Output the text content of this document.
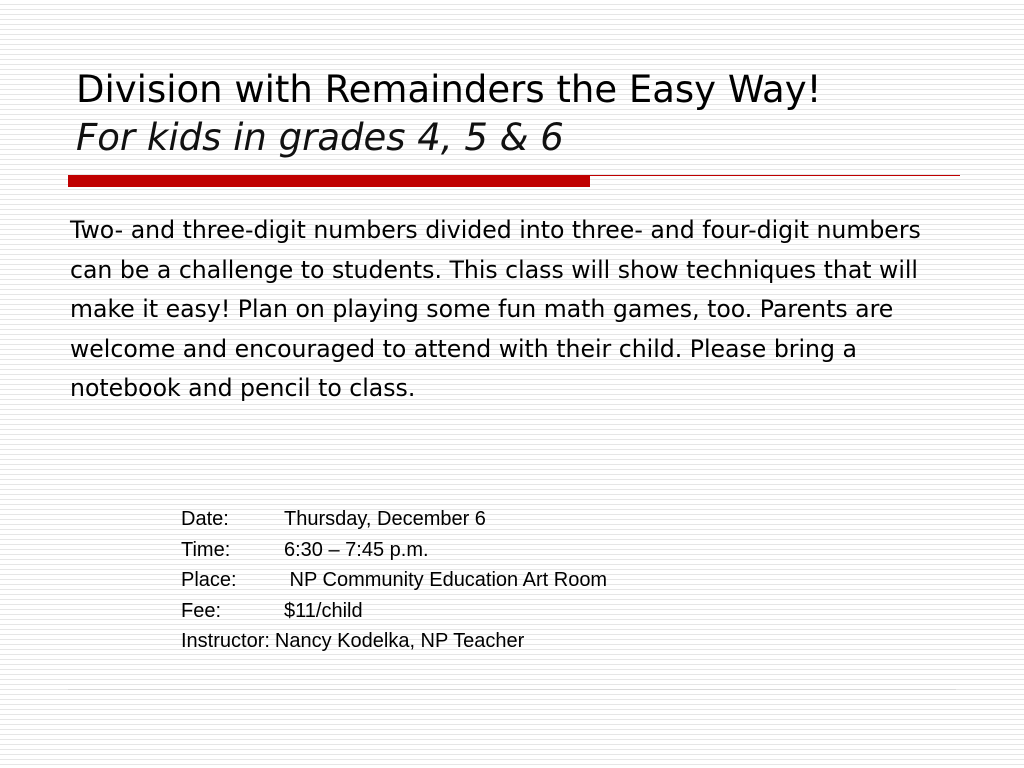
Division with Remainders the Easy Way!
For kids in grades 4, 5 & 6

Two- and three-digit numbers divided into three- and four-digit numbers can be a challenge to students. This class will show techniques that will make it easy! Plan on playing some fun math games, too. Parents are welcome and encouraged to attend with their child. Please bring a notebook and pencil to class.

Date:	Thursday, December 6
Time:	6:30 – 7:45 p.m.
Place:	NP Community Education Art Room
Fee:	$11/child
Instructor: Nancy Kodelka, NP Teacher
